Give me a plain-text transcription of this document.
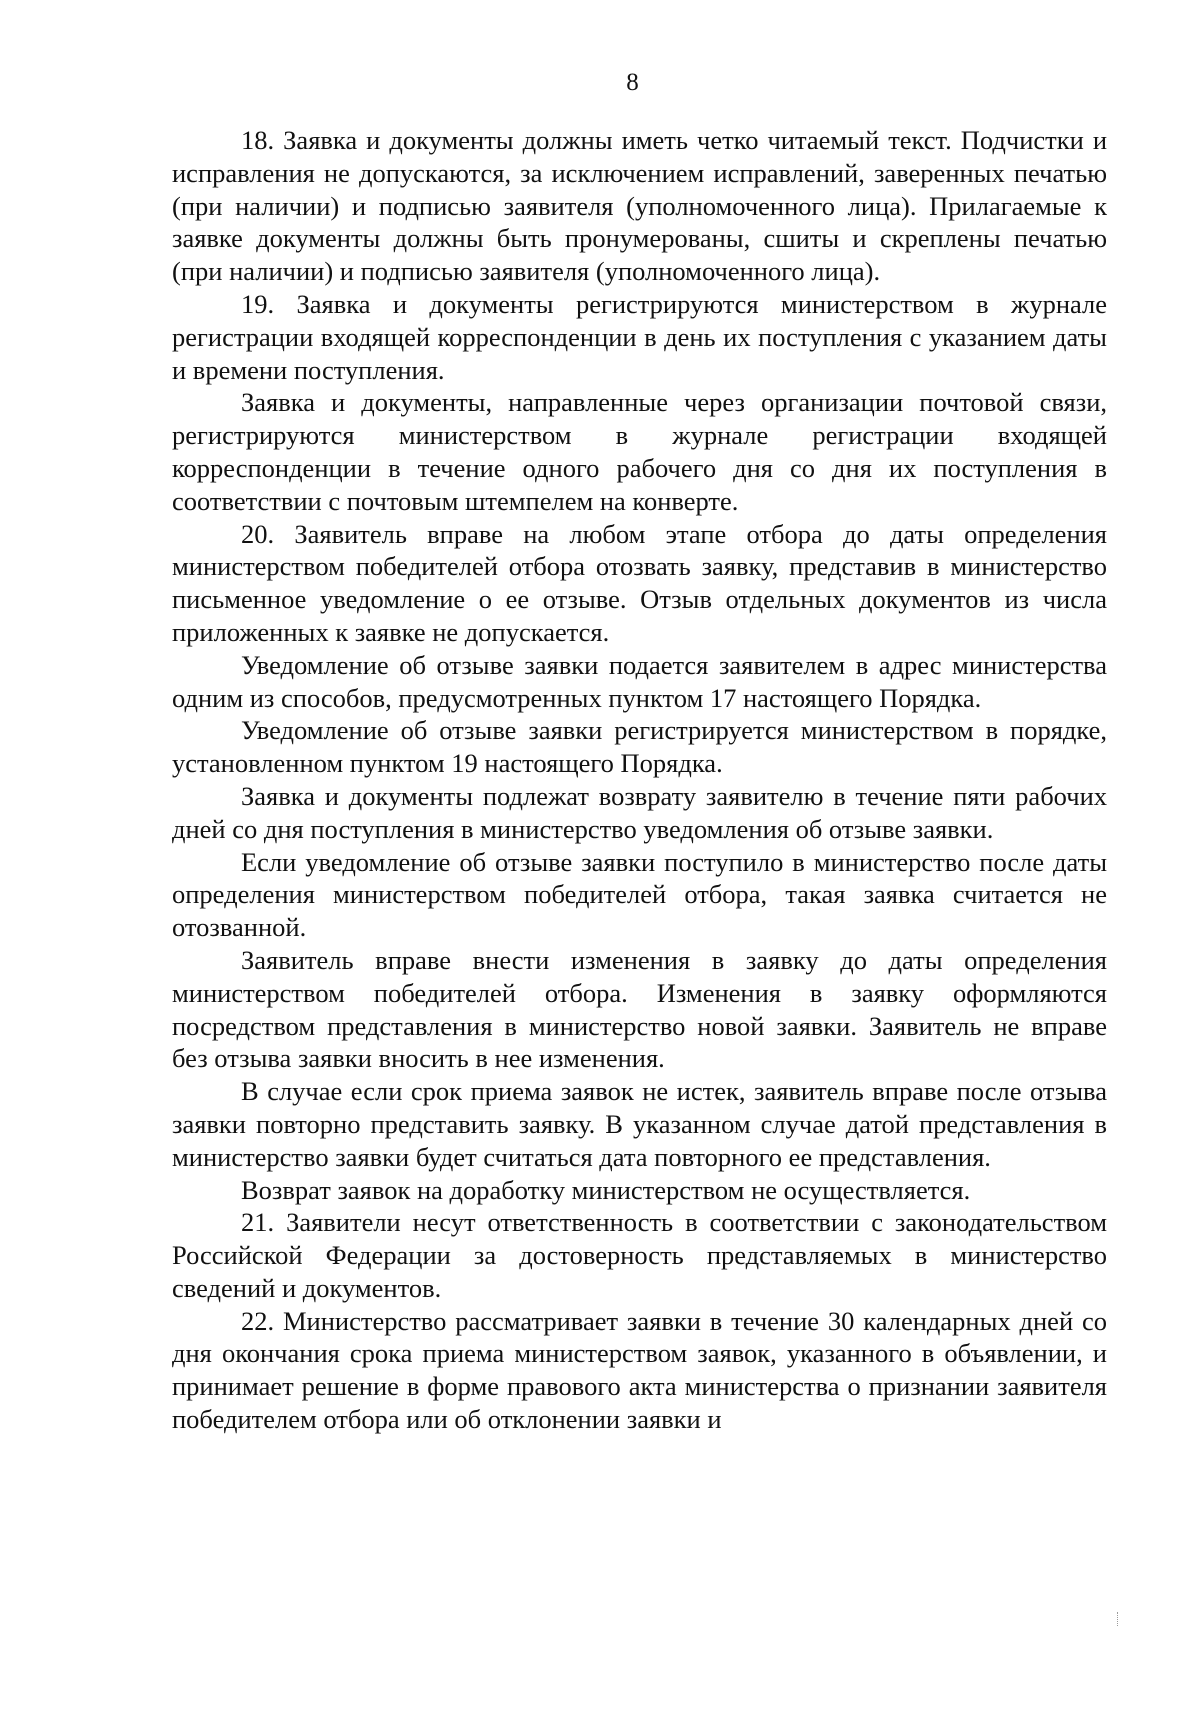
8

18. Заявка и документы должны иметь четко читаемый текст. Подчистки и исправления не допускаются, за исключением исправлений, заверенных печатью (при наличии) и подписью заявителя (уполномоченного лица). Прилагаемые к заявке документы должны быть пронумерованы, сшиты и скреплены печатью (при наличии) и подписью заявителя (уполномоченного лица).

19. Заявка и документы регистрируются министерством в журнале регистрации входящей корреспонденции в день их поступления с указанием даты и времени поступления.

Заявка и документы, направленные через организации почтовой связи, регистрируются министерством в журнале регистрации входящей корреспонденции в течение одного рабочего дня со дня их поступления в соответствии с почтовым штемпелем на конверте.

20. Заявитель вправе на любом этапе отбора до даты определения министерством победителей отбора отозвать заявку, представив в министерство письменное уведомление о ее отзыве. Отзыв отдельных документов из числа приложенных к заявке не допускается.

Уведомление об отзыве заявки подается заявителем в адрес министерства одним из способов, предусмотренных пунктом 17 настоящего Порядка.

Уведомление об отзыве заявки регистрируется министерством в порядке, установленном пунктом 19 настоящего Порядка.

Заявка и документы подлежат возврату заявителю в течение пяти рабочих дней со дня поступления в министерство уведомления об отзыве заявки.

Если уведомление об отзыве заявки поступило в министерство после даты определения министерством победителей отбора, такая заявка считается не отозванной.

Заявитель вправе внести изменения в заявку до даты определения министерством победителей отбора. Изменения в заявку оформляются посредством представления в министерство новой заявки. Заявитель не вправе без отзыва заявки вносить в нее изменения.

В случае если срок приема заявок не истек, заявитель вправе после отзыва заявки повторно представить заявку. В указанном случае датой представления в министерство заявки будет считаться дата повторного ее представления.

Возврат заявок на доработку министерством не осуществляется.

21. Заявители несут ответственность в соответствии с законодательством Российской Федерации за достоверность представляемых в министерство сведений и документов.

22. Министерство рассматривает заявки в течение 30 календарных дней со дня окончания срока приема министерством заявок, указанного в объявлении, и принимает решение в форме правового акта министерства о признании заявителя победителем отбора или об отклонении заявки и
